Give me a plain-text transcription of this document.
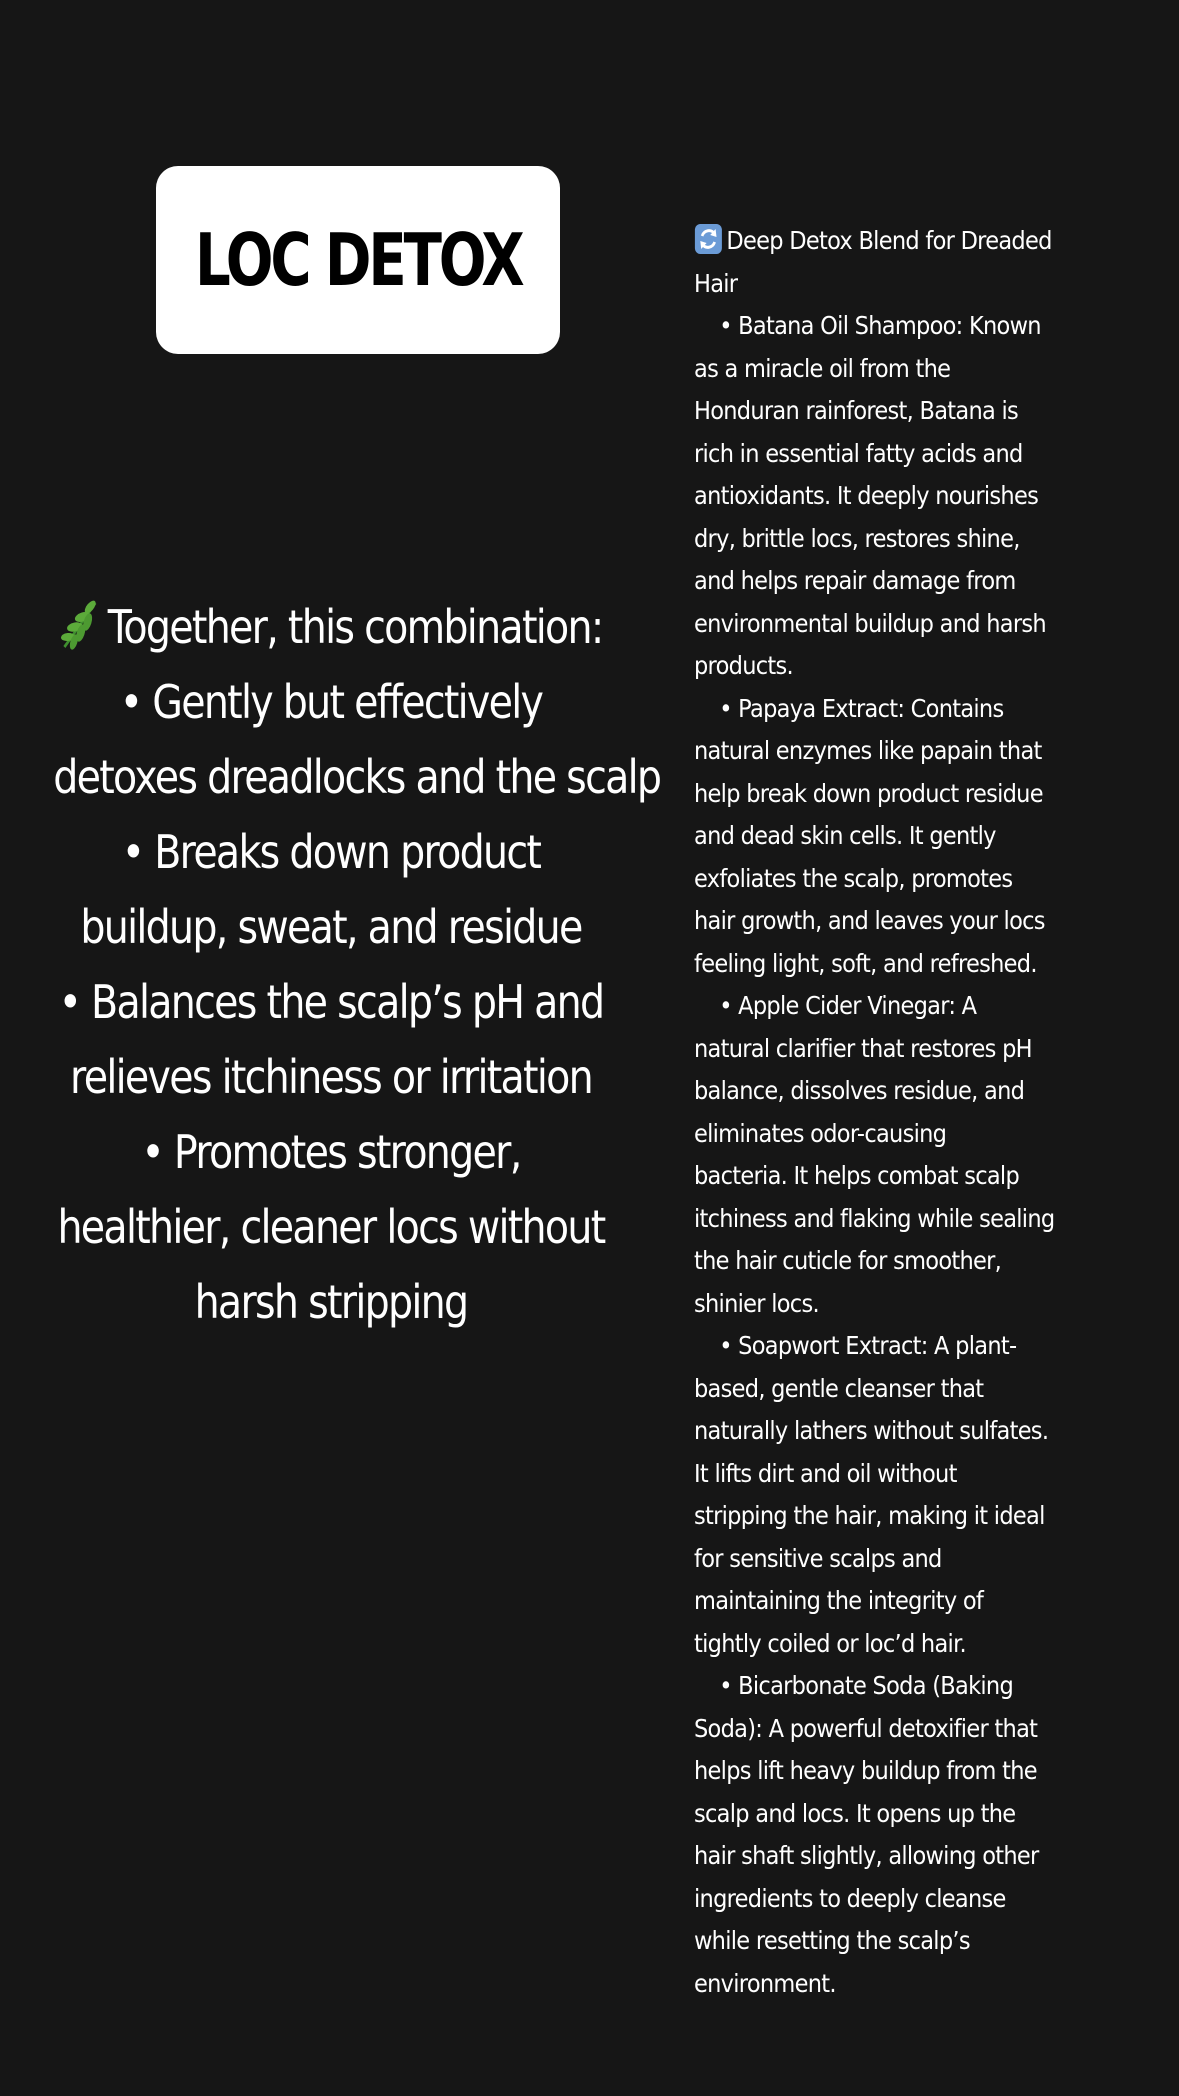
LOC DETOX
Together, this combination:
• Gently but effectively
detoxes dreadlocks and the scalp
• Breaks down product
buildup, sweat, and residue
• Balances the scalp’s pH and
relieves itchiness or irritation
• Promotes stronger,
healthier, cleaner locs without
harsh stripping
Deep Detox Blend for Dreaded
Hair
• Batana Oil Shampoo: Known
as a miracle oil from the
Honduran rainforest, Batana is
rich in essential fatty acids and
antioxidants. It deeply nourishes
dry, brittle locs, restores shine,
and helps repair damage from
environmental buildup and harsh
products.
• Papaya Extract: Contains
natural enzymes like papain that
help break down product residue
and dead skin cells. It gently
exfoliates the scalp, promotes
hair growth, and leaves your locs
feeling light, soft, and refreshed.
• Apple Cider Vinegar: A
natural clarifier that restores pH
balance, dissolves residue, and
eliminates odor-causing
bacteria. It helps combat scalp
itchiness and flaking while sealing
the hair cuticle for smoother,
shinier locs.
• Soapwort Extract: A plant-
based, gentle cleanser that
naturally lathers without sulfates.
It lifts dirt and oil without
stripping the hair, making it ideal
for sensitive scalps and
maintaining the integrity of
tightly coiled or loc’d hair.
• Bicarbonate Soda (Baking
Soda): A powerful detoxifier that
helps lift heavy buildup from the
scalp and locs. It opens up the
hair shaft slightly, allowing other
ingredients to deeply cleanse
while resetting the scalp’s
environment.
